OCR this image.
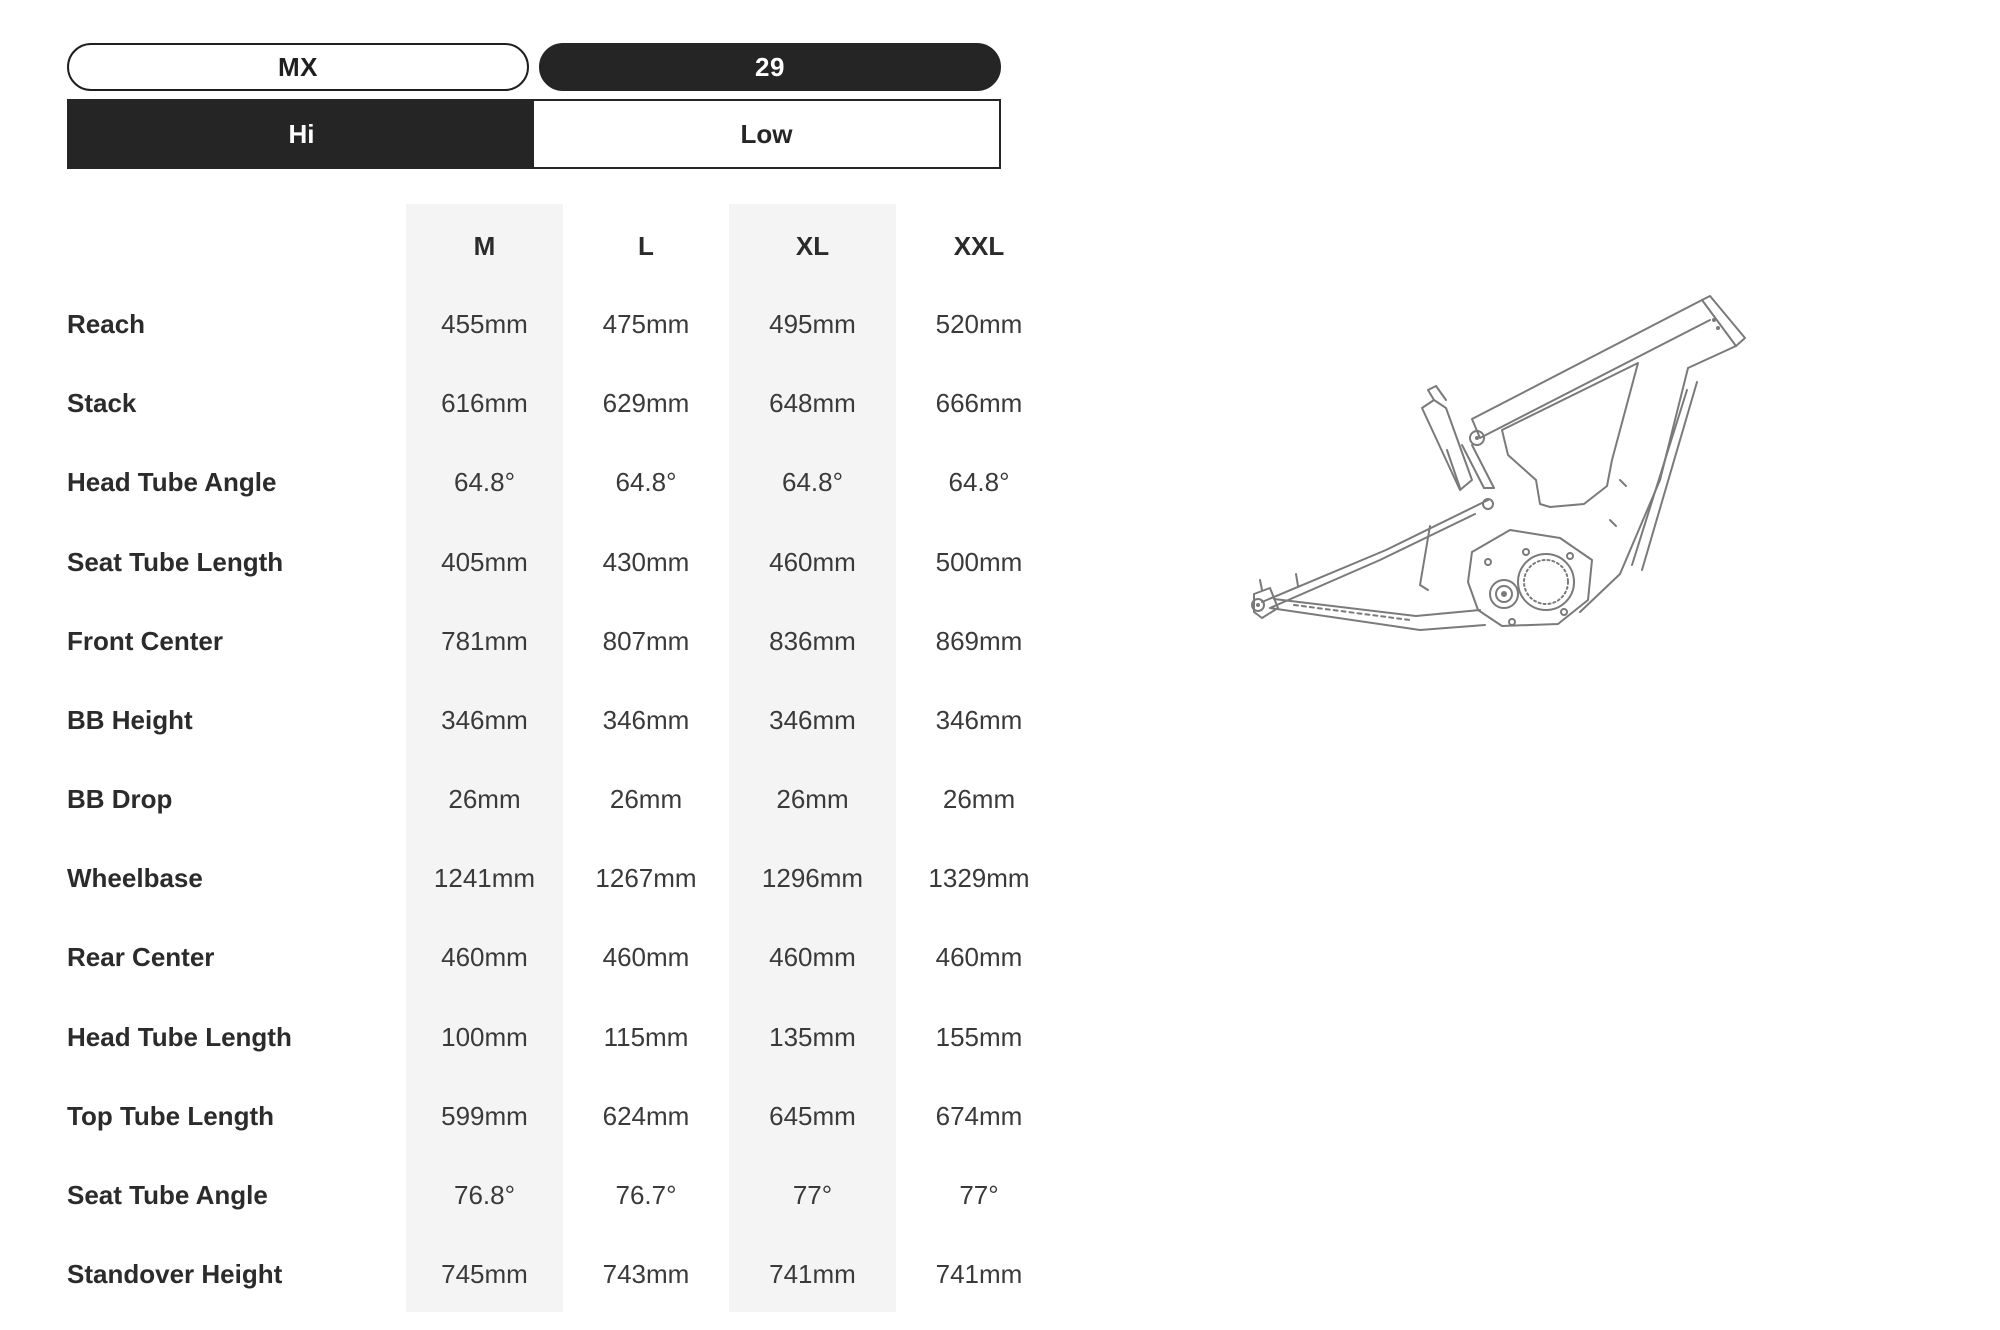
MX	29
Hi	Low
M	L	XL	XXL
Reach	455mm	475mm	495mm	520mm
Stack	616mm	629mm	648mm	666mm
Head Tube Angle	64.8°	64.8°	64.8°	64.8°
Seat Tube Length	405mm	430mm	460mm	500mm
Front Center	781mm	807mm	836mm	869mm
BB Height	346mm	346mm	346mm	346mm
BB Drop	26mm	26mm	26mm	26mm
Wheelbase	1241mm	1267mm	1296mm	1329mm
Rear Center	460mm	460mm	460mm	460mm
Head Tube Length	100mm	115mm	135mm	155mm
Top Tube Length	599mm	624mm	645mm	674mm
Seat Tube Angle	76.8°	76.7°	77°	77°
Standover Height	745mm	743mm	741mm	741mm
